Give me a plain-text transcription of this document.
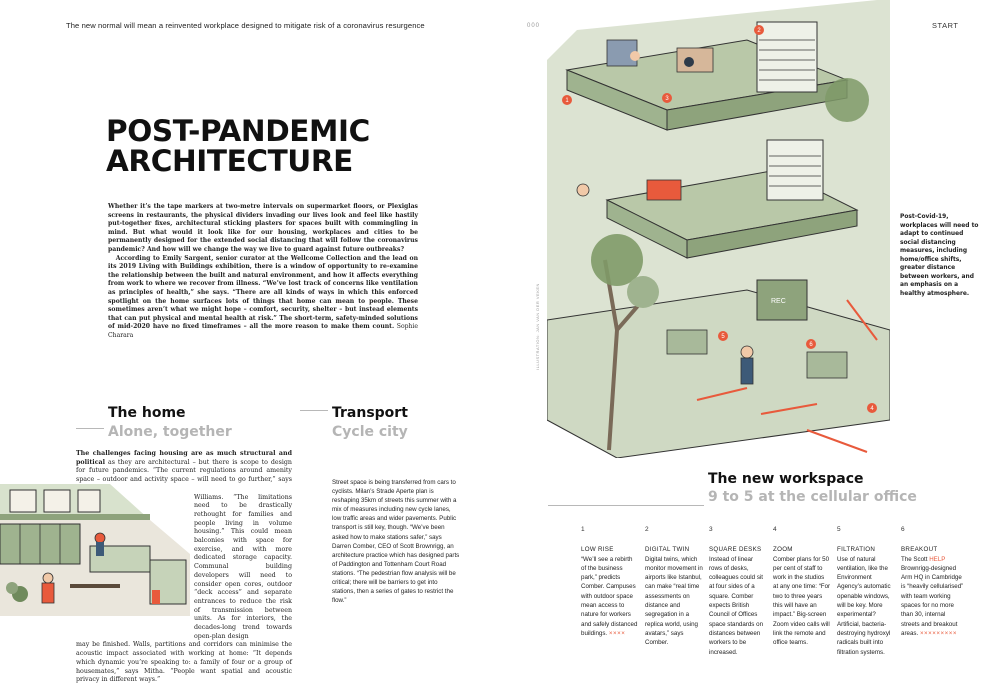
The new normal will mean a reinvented workplace designed to mitigate risk of a coronavirus resurgence	000	START
POST-PANDEMIC
ARCHITECTURE
Whether it’s the tape markers at two-metre intervals on supermarket floors, or Plexiglas screens in restaurants, the physical dividers invading our lives look and feel like hastily put-together fixes, architectural sticking plasters for spaces built with commingling in mind. But what would it look like for our housing, workplaces and cities to be permanently designed for the extended social distancing that will follow the coronavirus pandemic? And how will we change the way we live to guard against future outbreaks?
According to Emily Sargent, senior curator at the Wellcome Collection and the lead on its 2019 Living with Buildings exhibition, there is a window of opportunity to re-examine the relationship between the built and natural environment, and how it affects everything from work to where we recover from illness. “We’ve lost track of concerns like ventilation as principles of health,” she says. “There are all kinds of ways in which this enforced spotlight on the home surfaces lots of things that home can mean to people. These sometimes aren’t what we might hope – comfort, security, shelter – but instead elements that can put physical and mental health at risk.” The short-term, safety-minded solutions of mid-2020 have no fixed timeframes – all the more reason to make them count. Sophie Charara
The home
Alone, together

The challenges facing housing are as much structural and political as they are architectural – but there is scope to design for future pandemics. “The current regulations around amenity space – outdoor and activity space – will need to go further,” says

Williams. “The limitations need to be drastically rethought for families and people living in volume housing.” This could mean balconies with space for exercise, and with more dedicated storage capacity. Communal building developers will need to consider open cores, outdoor “deck access” and separate entrances to reduce the risk of transmission between units. As for interiors, the decades-long trend towards open-plan design

may be finished. Walls, partitions and corridors can minimise the acoustic impact associated with working at home: “It depends which dynamic you’re speaking to: a family of four or a group of housemates,” says Mitha. “People want spatial and acoustic privacy in different ways.”

Transport
Cycle city
Street space is being transferred from cars to cyclists. Milan’s Strade Aperte plan is reshaping 35km of streets this summer with a mix of measures including new cycle lanes, low traffic areas and wider pavements. Public transport is still key, though. “We’ve been asked how to make stations safer,” says Darren Comber, CEO of Scott Brownrigg, an architecture practice which has designed parts of Paddington and Tottenham Court Road stations. “The pedestrian flow analysis will be critical; there will be barriers to get into stations, then a series of gates to restrict the flow.”
REC
1
2
3
4
5
6
ILLUSTRATION: JAN VAN DER VEKEN
Post-Covid-19, workplaces will need to adapt to continued social distancing measures, including home/office shifts, greater distance between workers, and an emphasis on a healthy atmosphere.
The new workspace
9 to 5 at the cellular office
1
LOW RISE
“We’ll see a rebirth of the business park,” predicts Comber. Campuses with outdoor space mean access to nature for workers and safely distanced buildings. ××××
2
DIGITAL TWIN
Digital twins, which monitor movement in airports like Istanbul, can make “real time assessments on distance and segregation in a replica world, using avatars,” says Comber.
3
SQUARE DESKS
Instead of linear rows of desks, colleagues could sit at four sides of a square. Comber expects British Council of Offices space standards on distances between workers to be increased.
4
ZOOM
Comber plans for 50 per cent of staff to work in the studios at any one time: “For two to three years this will have an impact.” Big-screen Zoom video calls will link the remote and office teams.
5
FILTRATION
Use of natural ventilation, like the Environment Agency’s automatic openable windows, will be key. More experimental? Artificial, bacteria-destroying hydroxyl radicals built into filtration systems.
6
BREAKOUT
The Scott HELP Brownrigg-designed Arm HQ in Cambridge is “heavily cellularised” with team working spaces for no more than 30, internal streets and breakout areas. ×××××××××
